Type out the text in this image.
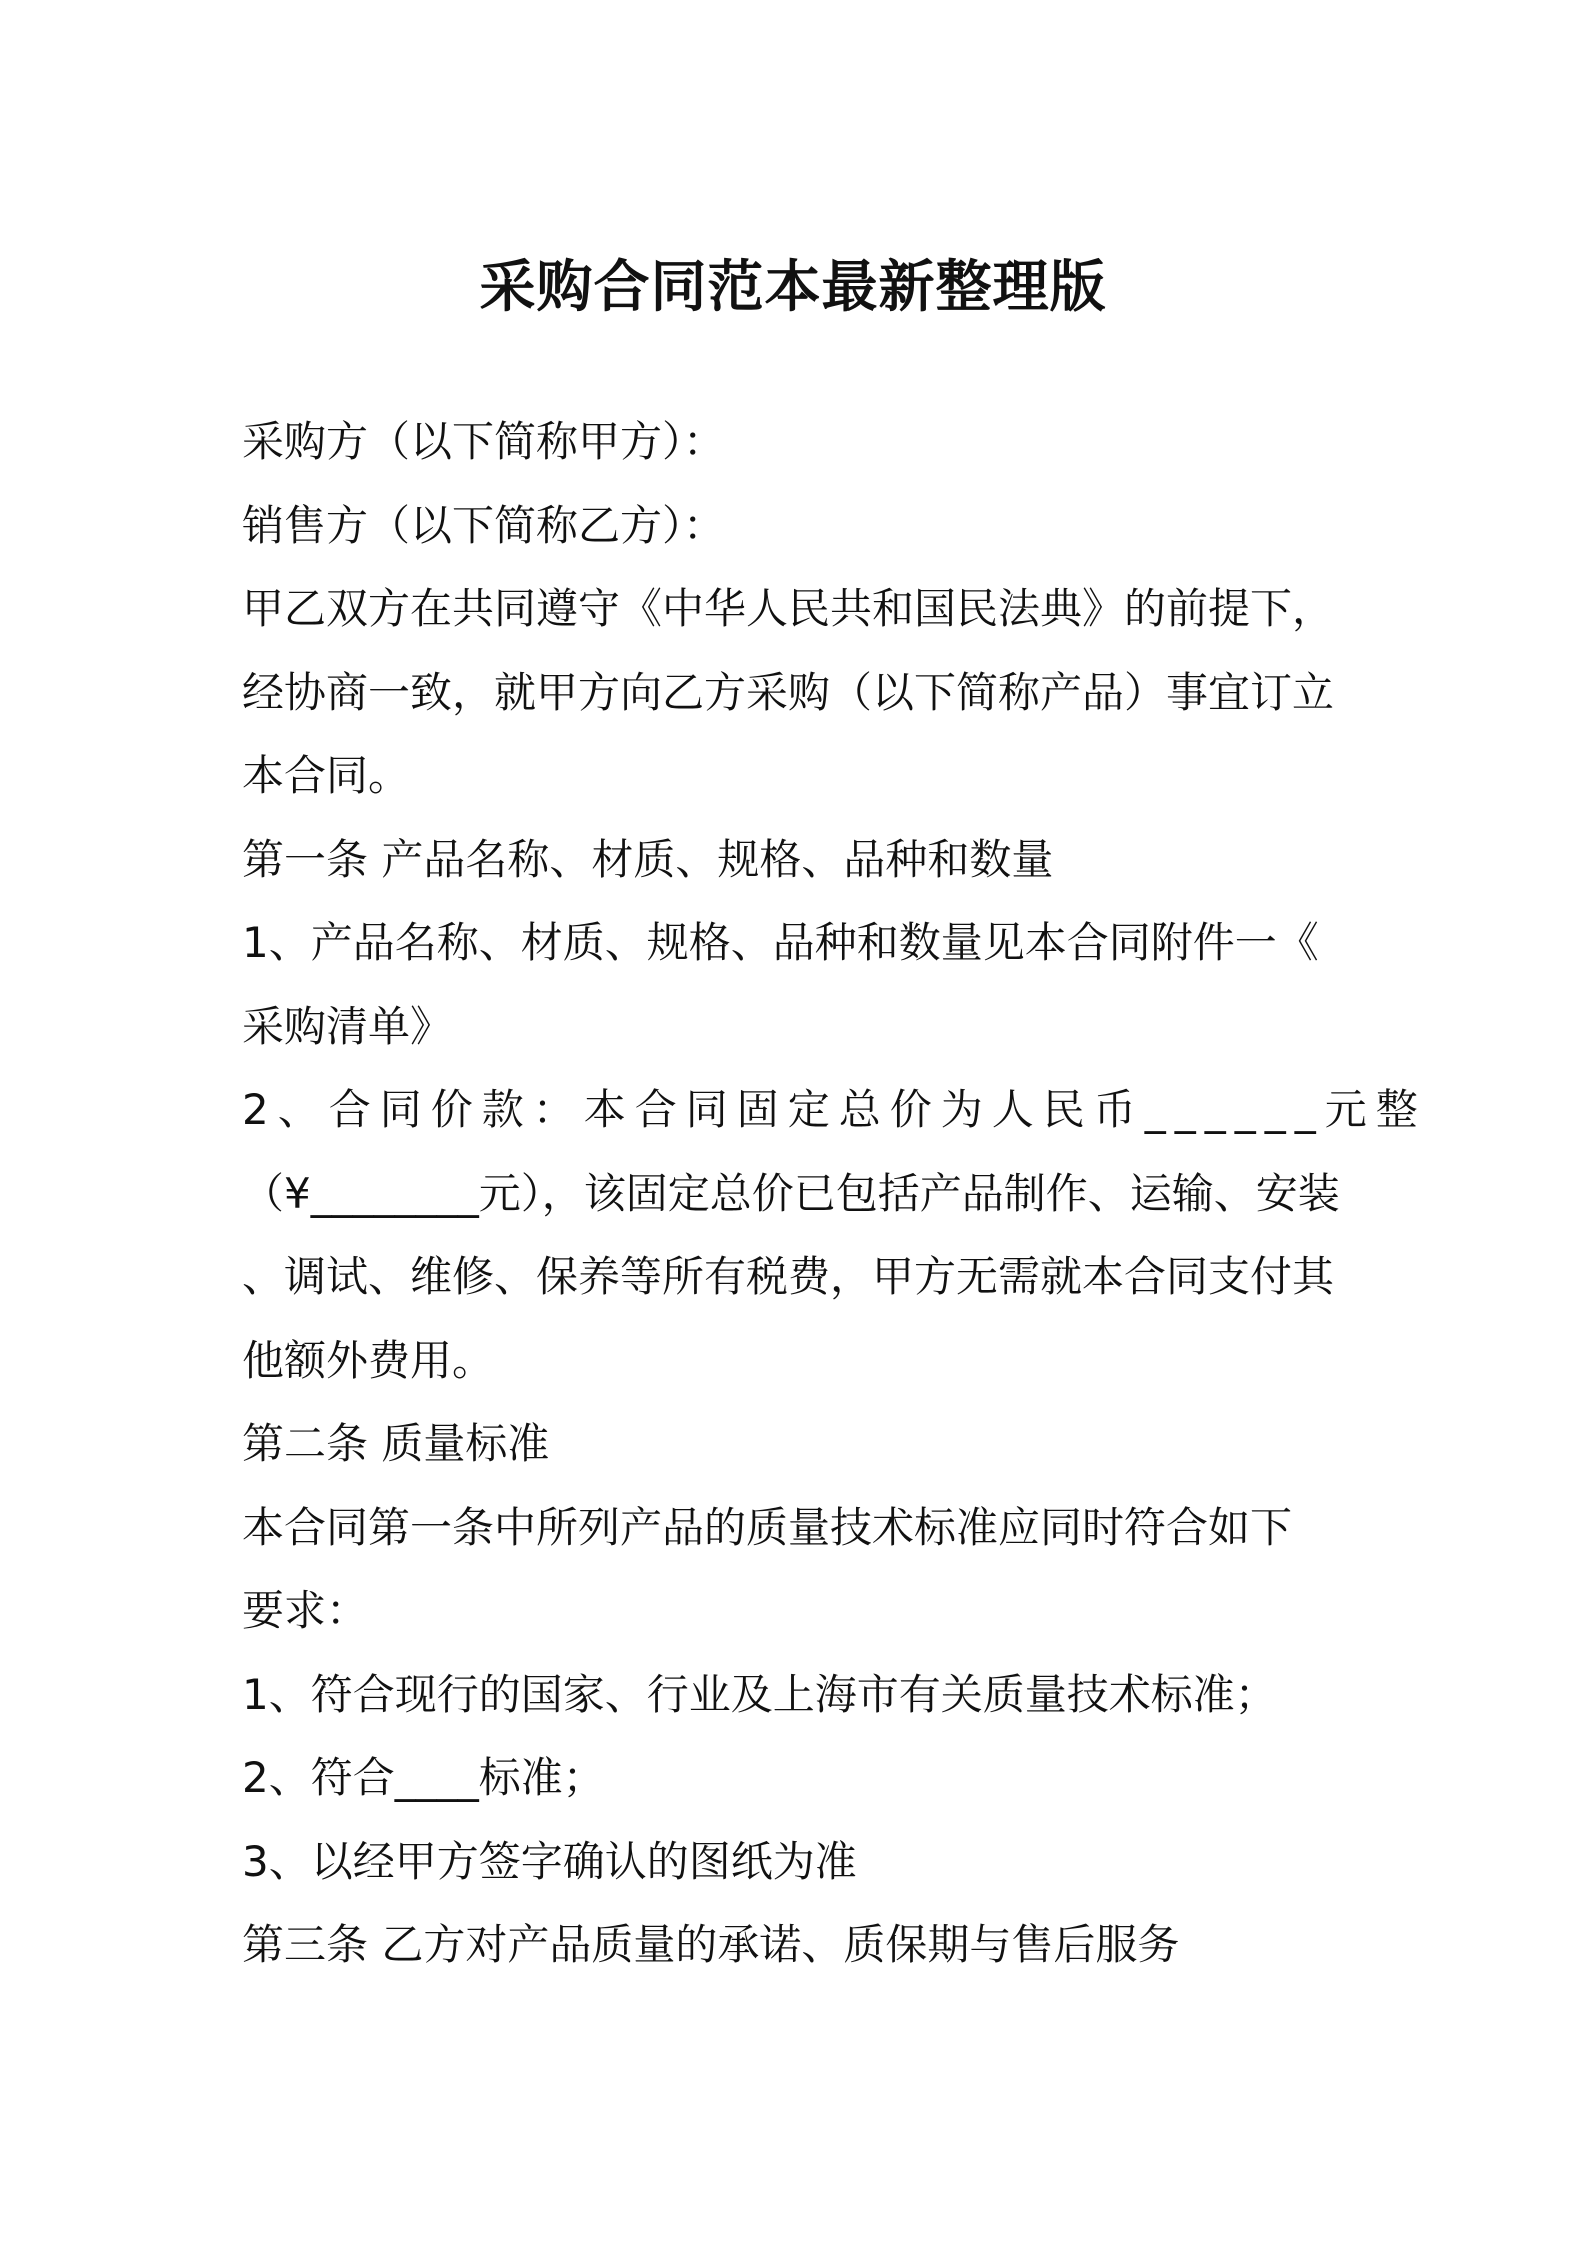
采购合同范本最新整理版
采购方（以下简称甲方）：
销售方（以下简称乙方）：
甲乙双方在共同遵守《中华人民共和国民法典》的前提下，
经协商一致，就甲方向乙方采购（以下简称产品）事宜订立
本合同。
第一条 产品名称、材质、规格、品种和数量
1、产品名称、材质、规格、品种和数量见本合同附件一《
采购清单》
2、合同价款：本合同固定总价为人民币______元整
（¥________元），该固定总价已包括产品制作、运输、安装
、调试、维修、保养等所有税费，甲方无需就本合同支付其
他额外费用。
第二条 质量标准
本合同第一条中所列产品的质量技术标准应同时符合如下
要求：
1、符合现行的国家、行业及上海市有关质量技术标准；
2、符合____标准；
3、以经甲方签字确认的图纸为准
第三条 乙方对产品质量的承诺、质保期与售后服务
